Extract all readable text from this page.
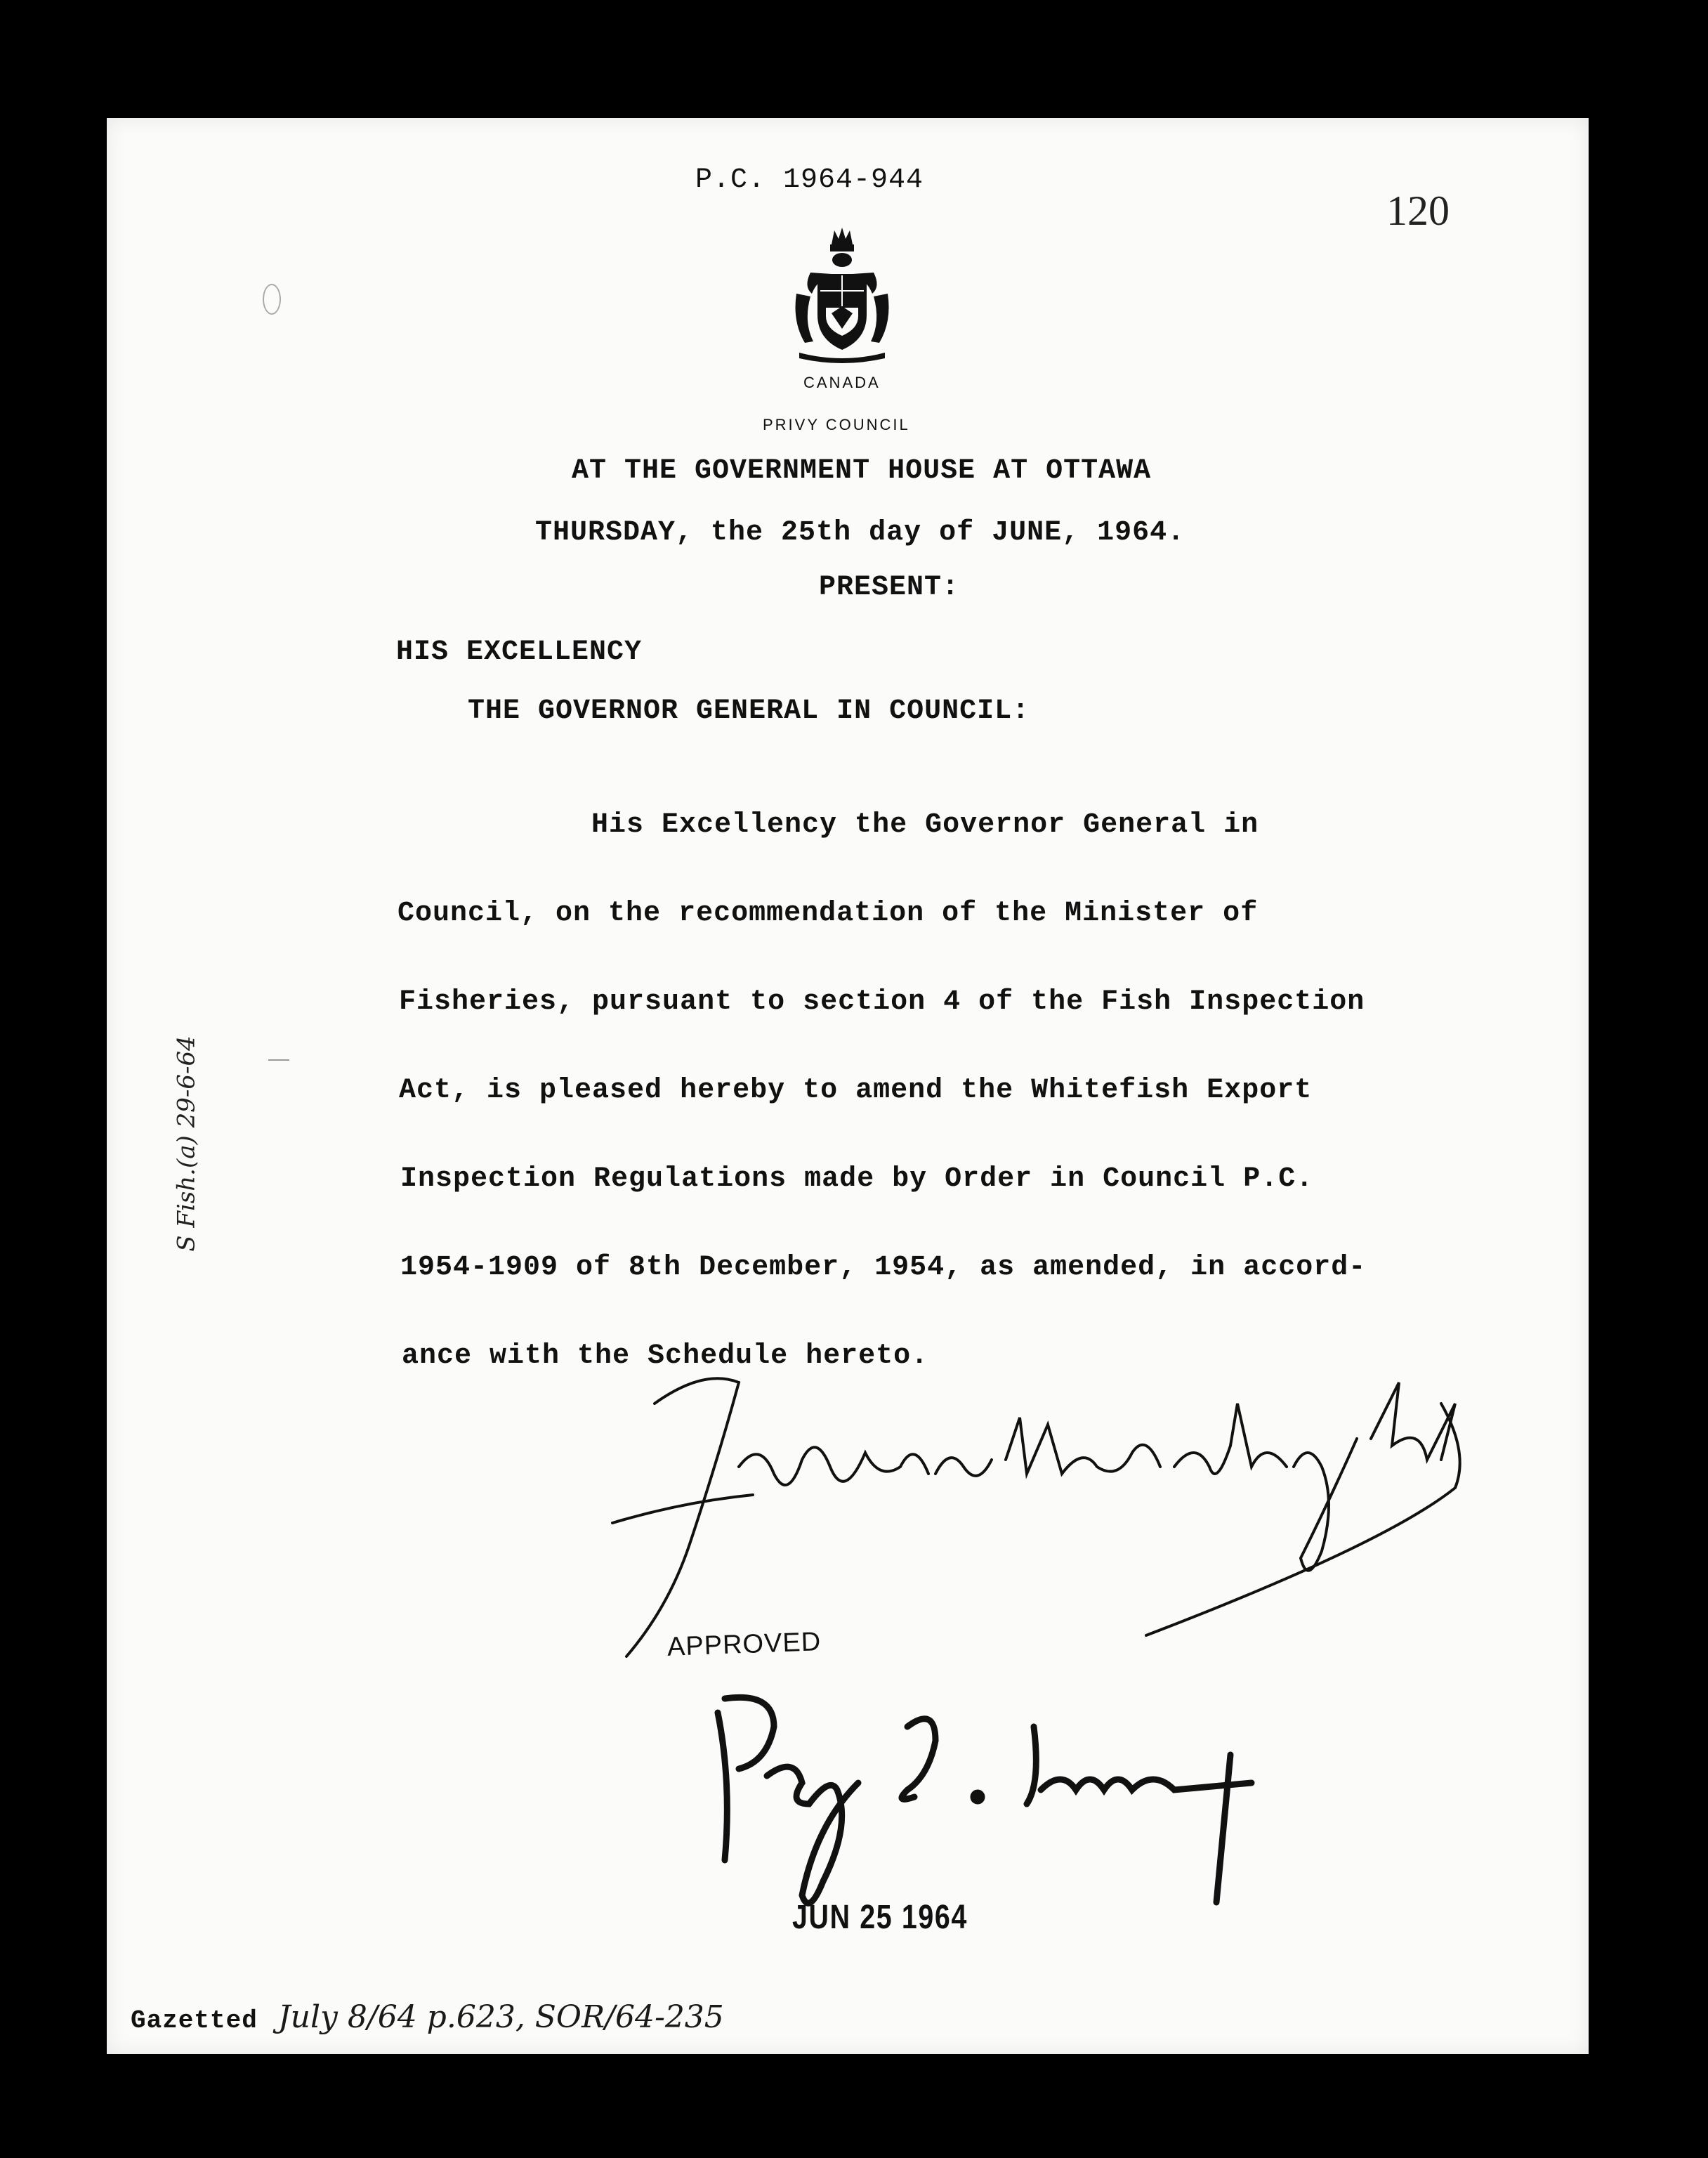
P.C. 1964-944
120
CANADA
PRIVY COUNCIL
AT THE GOVERNMENT HOUSE AT OTTAWA
THURSDAY, the 25th day of JUNE, 1964.
PRESENT:
HIS EXCELLENCY
THE GOVERNOR GENERAL IN COUNCIL:
His Excellency the Governor General in
Council, on the recommendation of the Minister of
Fisheries, pursuant to section 4 of the Fish Inspection
Act, is pleased hereby to amend the Whitefish Export
Inspection Regulations made by Order in Council P.C.
1954-1909 of 8th December, 1954, as amended, in accord-
ance with the Schedule hereto.
APPROVED
JUN 25 1964
Gazetted July 8/64 p.623, SOR/64-235
S Fish.(a) 29-6-64
